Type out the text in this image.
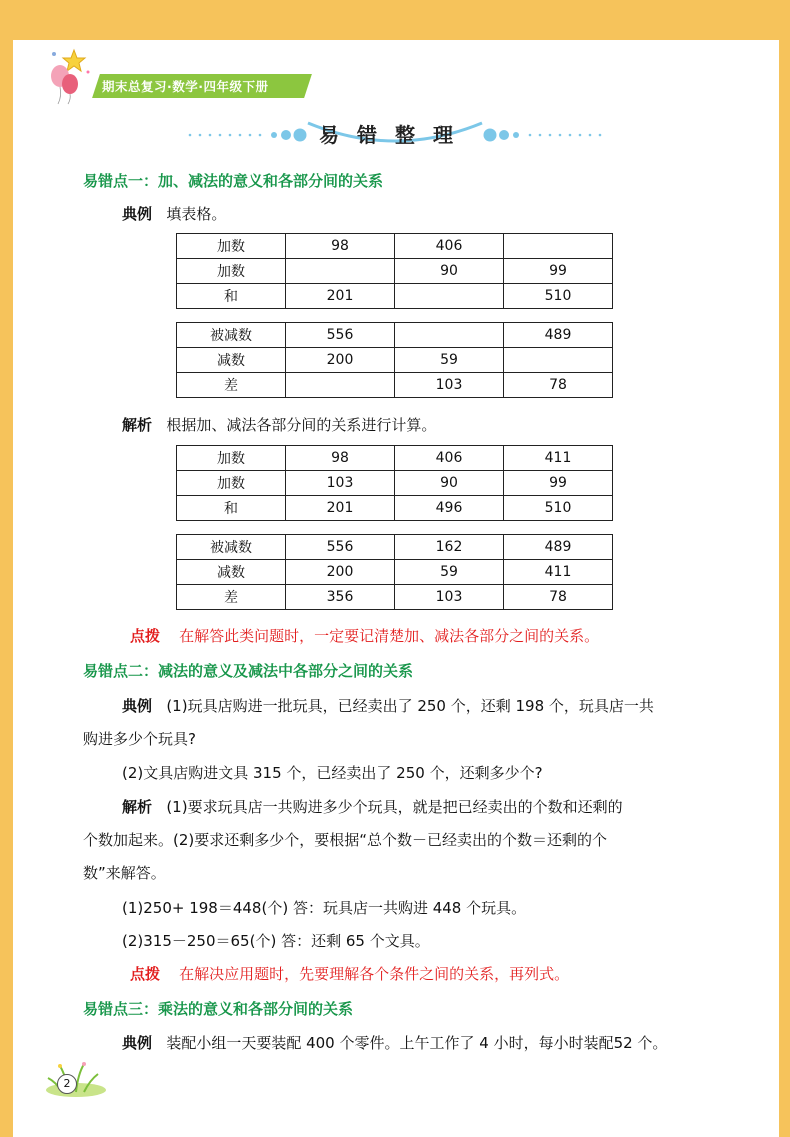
期末总复习·数学·四年级下册
易错整理
易错点一：加、减法的意义和各部分间的关系
典例 填表格。
加数	98	406	
加数		90	99
和	201		510
被减数	556		489
减数	200	59	
差		103	78
解析 根据加、减法各部分间的关系进行计算。
加数	98	406	411
加数	103	90	99
和	201	496	510
被减数	556	162	489
减数	200	59	411
差	356	103	78
点拨 在解答此类问题时，一定要记清楚加、减法各部分之间的关系。
易错点二：减法的意义及减法中各部分之间的关系
典例 (1)玩具店购进一批玩具，已经卖出了 250 个，还剩 198 个，玩具店一共
购进多少个玩具?
(2)文具店购进文具 315 个，已经卖出了 250 个，还剩多少个?
解析 (1)要求玩具店一共购进多少个玩具，就是把已经卖出的个数和还剩的
个数加起来。(2)要求还剩多少个，要根据“总个数－已经卖出的个数＝还剩的个
数”来解答。
(1)250+ 198＝448(个) 答：玩具店一共购进 448 个玩具。
(2)315－250＝65(个) 答：还剩 65 个文具。
点拨 在解决应用题时，先要理解各个条件之间的关系，再列式。
易错点三：乘法的意义和各部分间的关系
典例 装配小组一天要装配 400 个零件。上午工作了 4 小时，每小时装配52 个。
2
